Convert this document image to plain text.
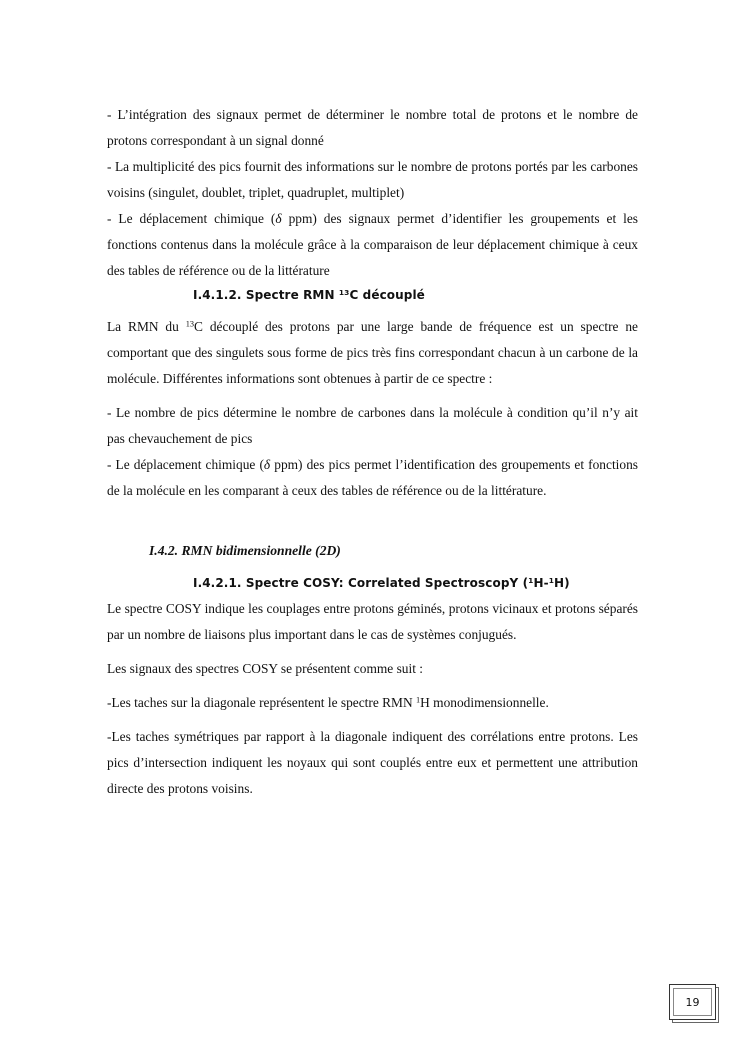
- L’intégration des signaux permet de déterminer le nombre total de protons et le nombre de protons correspondant à un signal donné

- La multiplicité des pics fournit des informations sur le nombre de protons portés par les carbones voisins (singulet, doublet, triplet, quadruplet, multiplet)

- Le déplacement chimique (δ ppm) des signaux permet d’identifier les groupements et les fonctions contenus dans la molécule grâce à la comparaison de leur déplacement chimique à ceux des tables de référence ou de la littérature

I.4.1.2. Spectre RMN $^{13}$C découplé

La RMN du $^{13}$C découplé des protons par une large bande de fréquence est un spectre ne comportant que des singulets sous forme de pics très fins correspondant chacun à un carbone de la molécule. Différentes informations sont obtenues à partir de ce spectre :

- Le nombre de pics détermine le nombre de carbones dans la molécule à condition qu’il n’y ait pas chevauchement de pics

- Le déplacement chimique (δ ppm) des pics permet l’identification des groupements et fonctions de la molécule en les comparant à ceux des tables de référence ou de la littérature.

I.4.2. RMN bidimensionnelle (2D)
I.4.2.1. Spectre COSY: Correlated SpectroscopY ($^1$H-$^1$H)

Le spectre COSY indique les couplages entre protons géminés, protons vicinaux et protons séparés par un nombre de liaisons plus important dans le cas de systèmes conjugués.

Les signaux des spectres COSY se présentent comme suit :

-Les taches sur la diagonale représentent le spectre RMN $^1$H monodimensionnelle.

-Les taches symétriques par rapport à la diagonale indiquent des corrélations entre protons. Les pics d’intersection indiquent les noyaux qui sont couplés entre eux et permettent une attribution directe des protons voisins.

19
